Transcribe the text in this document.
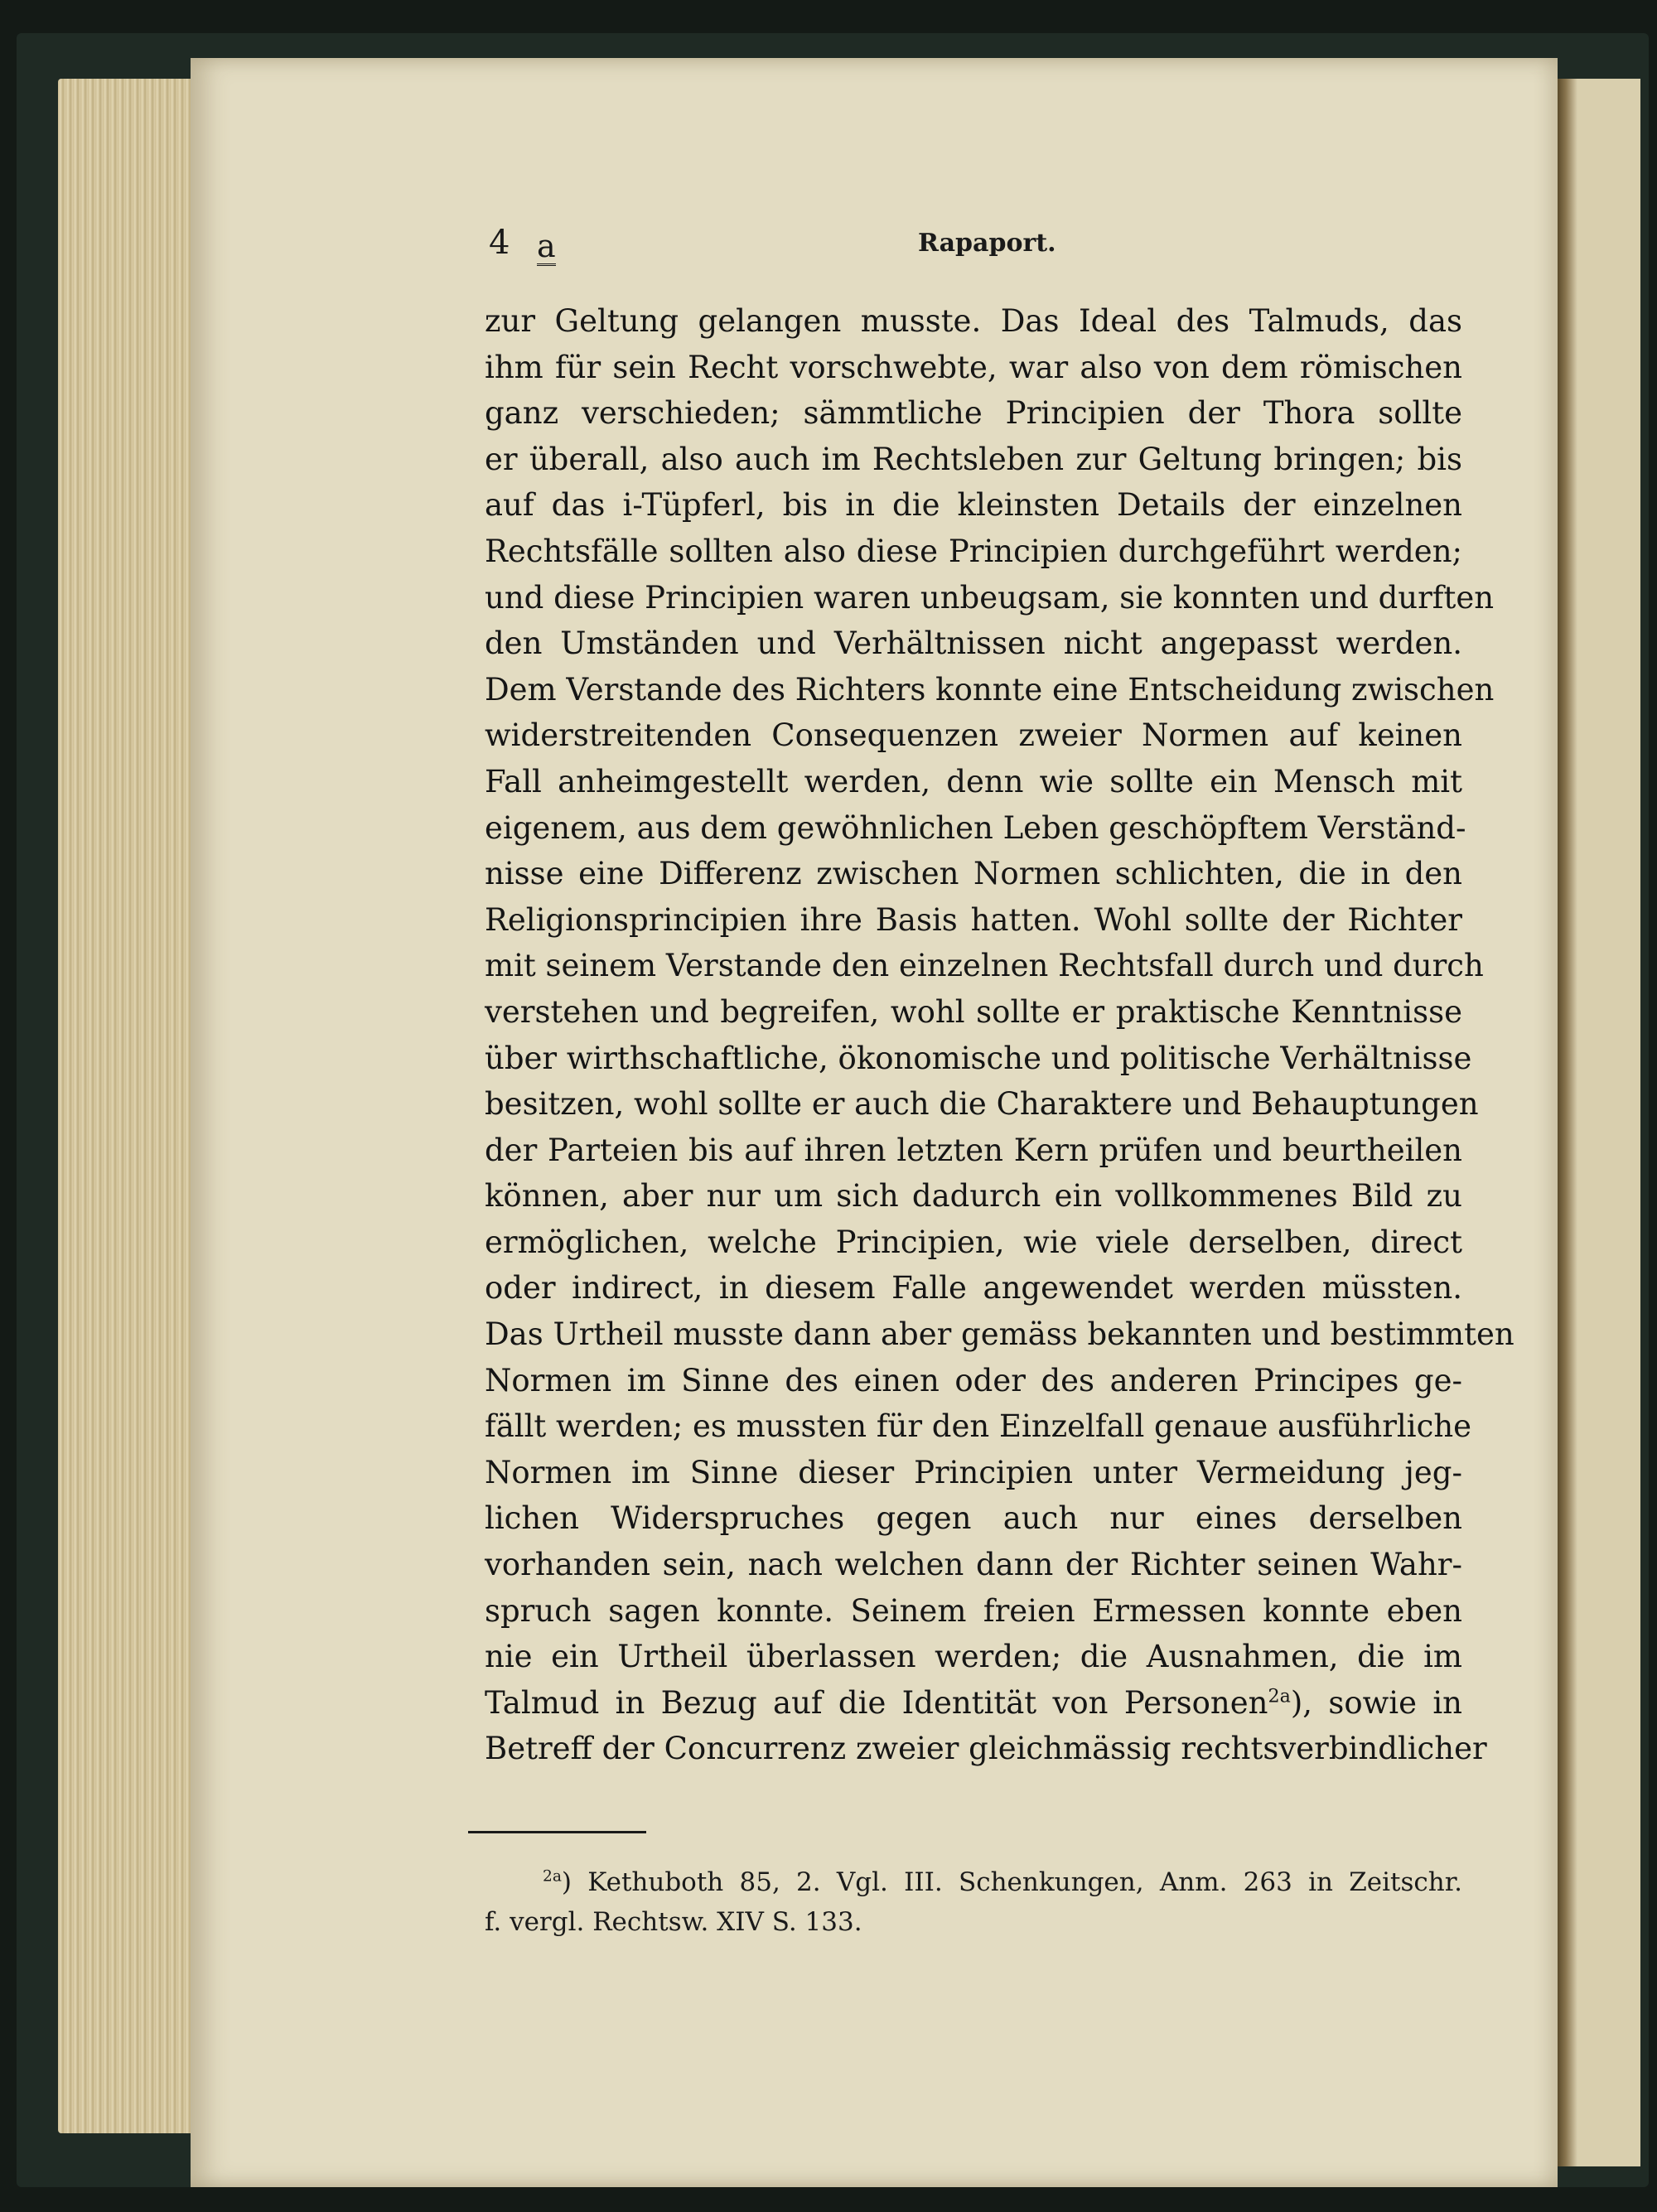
4 a	Rapaport.
zur Geltung gelangen musste. Das Ideal des Talmuds, das
ihm für sein Recht vorschwebte, war also von dem römischen
ganz verschieden; sämmtliche Principien der Thora sollte
er überall, also auch im Rechtsleben zur Geltung bringen; bis
auf das i-Tüpferl, bis in die kleinsten Details der einzelnen
Rechtsfälle sollten also diese Principien durchgeführt werden;
und diese Principien waren unbeugsam, sie konnten und durften
den Umständen und Verhältnissen nicht angepasst werden.
Dem Verstande des Richters konnte eine Entscheidung zwischen
widerstreitenden Consequenzen zweier Normen auf keinen
Fall anheimgestellt werden, denn wie sollte ein Mensch mit
eigenem, aus dem gewöhnlichen Leben geschöpftem Verständ-
nisse eine Differenz zwischen Normen schlichten, die in den
Religionsprincipien ihre Basis hatten. Wohl sollte der Richter
mit seinem Verstande den einzelnen Rechtsfall durch und durch
verstehen und begreifen, wohl sollte er praktische Kenntnisse
über wirthschaftliche, ökonomische und politische Verhältnisse
besitzen, wohl sollte er auch die Charaktere und Behauptungen
der Parteien bis auf ihren letzten Kern prüfen und beurtheilen
können, aber nur um sich dadurch ein vollkommenes Bild zu
ermöglichen, welche Principien, wie viele derselben, direct
oder indirect, in diesem Falle angewendet werden müssten.
Das Urtheil musste dann aber gemäss bekannten und bestimmten
Normen im Sinne des einen oder des anderen Principes ge-
fällt werden; es mussten für den Einzelfall genaue ausführliche
Normen im Sinne dieser Principien unter Vermeidung jeg-
lichen Widerspruches gegen auch nur eines derselben
vorhanden sein, nach welchen dann der Richter seinen Wahr-
spruch sagen konnte. Seinem freien Ermessen konnte eben
nie ein Urtheil überlassen werden; die Ausnahmen, die im
Talmud in Bezug auf die Identität von Personen$^{2a}$), sowie in
Betreff der Concurrenz zweier gleichmässig rechtsverbindlicher
$^{2a}$) Kethuboth 85, 2. Vgl. III. Schenkungen, Anm. 263 in Zeitschr.
f. vergl. Rechtsw. XIV S. 133.
